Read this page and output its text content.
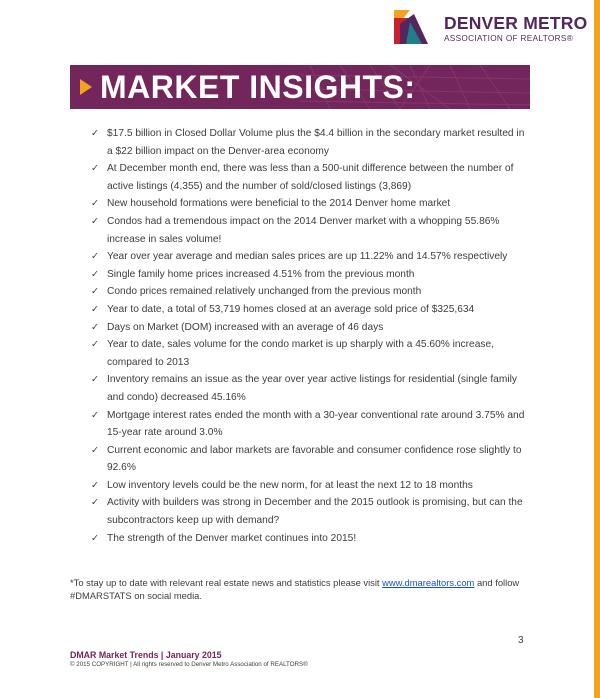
DENVER METRO
ASSOCIATION OF REALTORS®
MARKET INSIGHTS:
✓ $17.5 billion in Closed Dollar Volume plus the $4.4 billion in the secondary market resulted in a $22 billion impact on the Denver-area economy
✓ At December month end, there was less than a 500-unit difference between the number of active listings (4,355) and the number of sold/closed listings (3,869)
✓ New household formations were beneficial to the 2014 Denver home market
✓ Condos had a tremendous impact on the 2014 Denver market with a whopping 55.86% increase in sales volume!
✓ Year over year average and median sales prices are up 11.22% and 14.57% respectively
✓ Single family home prices increased 4.51% from the previous month
✓ Condo prices remained relatively unchanged from the previous month
✓ Year to date, a total of 53,719 homes closed at an average sold price of $325,634
✓ Days on Market (DOM) increased with an average of 46 days
✓ Year to date, sales volume for the condo market is up sharply with a 45.60% increase, compared to 2013
✓ Inventory remains an issue as the year over year active listings for residential (single family and condo) decreased 45.16%
✓ Mortgage interest rates ended the month with a 30-year conventional rate around 3.75% and 15-year rate around 3.0%
✓ Current economic and labor markets are favorable and consumer confidence rose slightly to 92.6%
✓ Low inventory levels could be the new norm, for at least the next 12 to 18 months
✓ Activity with builders was strong in December and the 2015 outlook is promising, but can the subcontractors keep up with demand?
✓ The strength of the Denver market continues into 2015!
*To stay up to date with relevant real estate news and statistics please visit www.dmarealtors.com and follow #DMARSTATS on social media.
3
DMAR Market Trends | January 2015
© 2015 COPYRIGHT | All rights reserved to Denver Metro Association of REALTORS®
